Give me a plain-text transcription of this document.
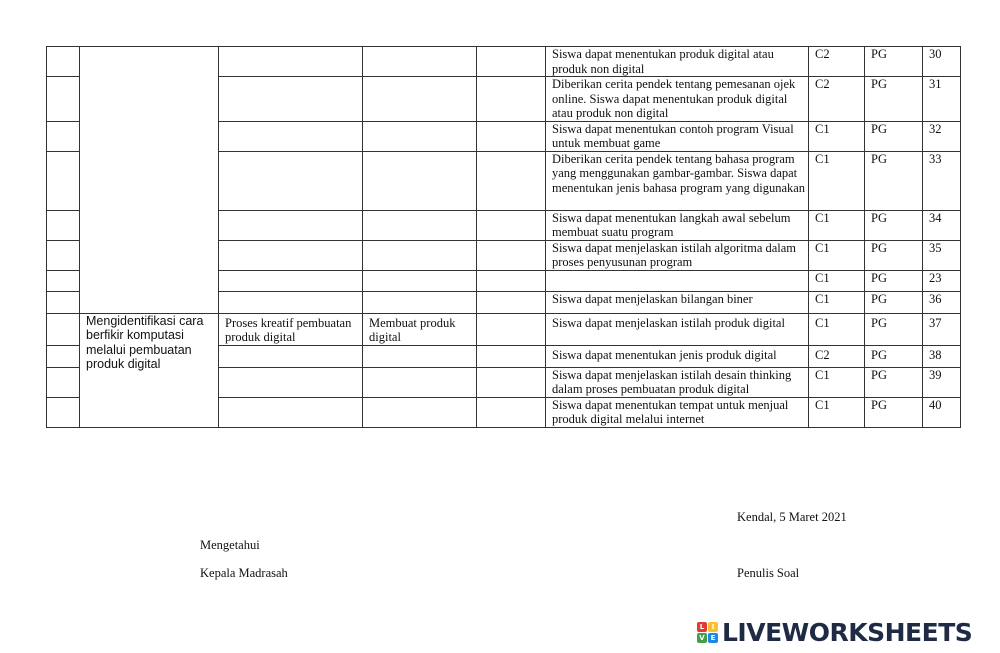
					Siswa dapat menentukan produk digital atau produk non digital	C2	PG	30
					Diberikan cerita pendek tentang pemesanan ojek online. Siswa dapat menentukan produk digital atau produk non digital	C2	PG	31
					Siswa dapat menentukan contoh program Visual untuk membuat game	C1	PG	32
					Diberikan cerita pendek tentang bahasa program yang menggunakan gambar-gambar. Siswa dapat menentukan jenis bahasa program yang digunakan	C1	PG	33
					Siswa dapat menentukan langkah awal sebelum membuat suatu program	C1	PG	34
					Siswa dapat menjelaskan istilah algoritma dalam proses penyusunan program	C1	PG	35
						C1	PG	23
					Siswa dapat menjelaskan bilangan biner	C1	PG	36
	Mengidentifikasi cara berfikir komputasi melalui pembuatan produk digital	Proses kreatif pembuatan produk digital	Membuat produk digital		Siswa dapat menjelaskan istilah produk digital	C1	PG	37
					Siswa dapat menentukan jenis produk digital	C2	PG	38
					Siswa dapat menjelaskan istilah desain thinking dalam proses pembuatan produk digital	C1	PG	39
					Siswa dapat menentukan tempat untuk menjual produk digital melalui internet	C1	PG	40
Kendal, 5 Maret 2021
Mengetahui
Kepala Madrasah	Penulis Soal
L	I
V E LIVEWORKSHEETS
